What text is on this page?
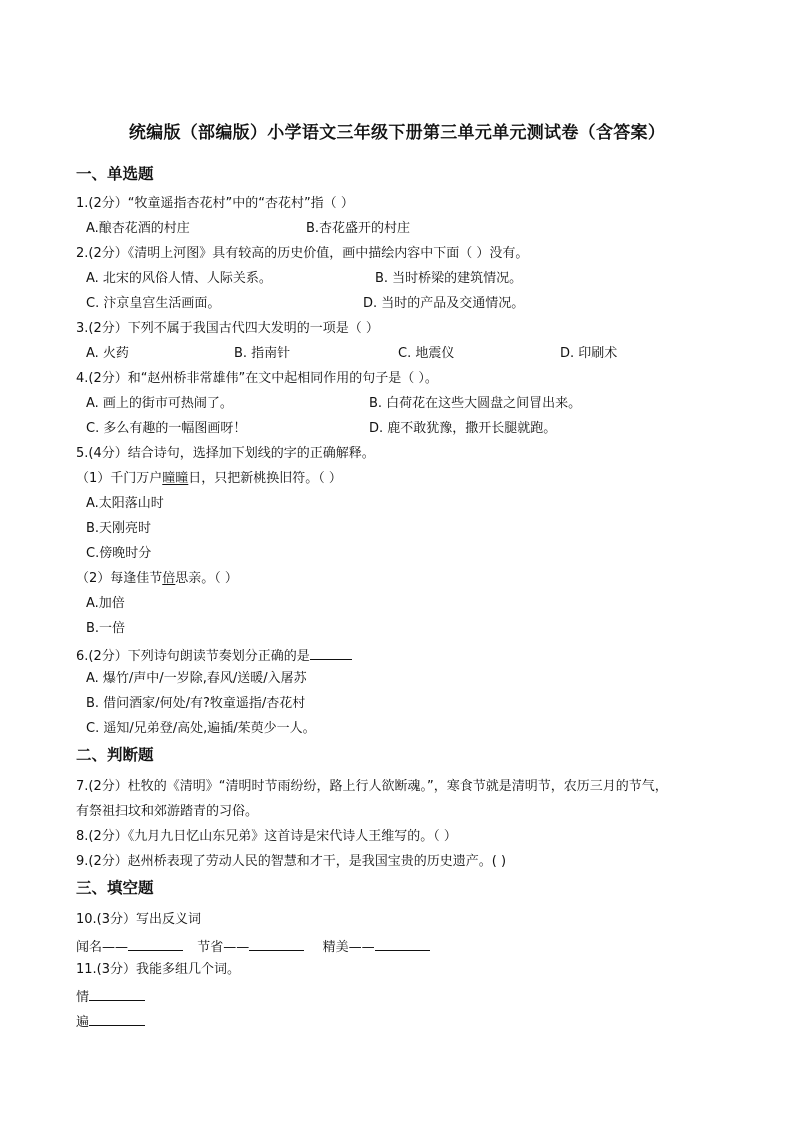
统编版（部编版）小学语文三年级下册第三单元单元测试卷（含答案）
一、单选题
1.(2分）“牧童遥指杏花村”中的“杏花村”指（ ）
A.酿杏花酒的村庄	B.杏花盛开的村庄
2.(2分）《清明上河图》具有较高的历史价值，画中描绘内容中下面（ ）没有。
A. 北宋的风俗人情、人际关系。	B. 当时桥梁的建筑情况。
C. 汴京皇宫生活画面。	D. 当时的产品及交通情况。
3.(2分）下列不属于我国古代四大发明的一项是（ ）
A. 火药	B. 指南针	C. 地震仪	D. 印刷术
4.(2分）和“赵州桥非常雄伟”在文中起相同作用的句子是（ ）。
A. 画上的街市可热闹了。	B. 白荷花在这些大圆盘之间冒出来。
C. 多么有趣的一幅图画呀！	D. 鹿不敢犹豫，撒开长腿就跑。
5.(4分）结合诗句，选择加下划线的字的正确解释。
（1）千门万户曈曈日，只把新桃换旧符。（ ）
A.太阳落山时
B.天刚亮时
C.傍晚时分
（2）每逢佳节倍思亲。（ ）
A.加倍
B.一倍
6.(2分）下列诗句朗读节奏划分正确的是
A. 爆竹/声中/一岁除,春风/送暖/入屠苏
B. 借问酒家/何处/有?牧童遥指/杏花村
C. 遥知/兄弟登/高处,遍插/茱萸少一人。
二、判断题
7.(2分）杜牧的《清明》“清明时节雨纷纷，路上行人欲断魂。”，寒食节就是清明节，农历三月的节气，
有祭祖扫坟和郊游踏青的习俗。
8.(2分）《九月九日忆山东兄弟》这首诗是宋代诗人王维写的。（ ）
9.(2分）赵州桥表现了劳动人民的智慧和才干，是我国宝贵的历史遗产。( )
三、填空题
10.(3分）写出反义词
闻名——	节省——	精美——
11.(3分）我能多组几个词。
情
遍
